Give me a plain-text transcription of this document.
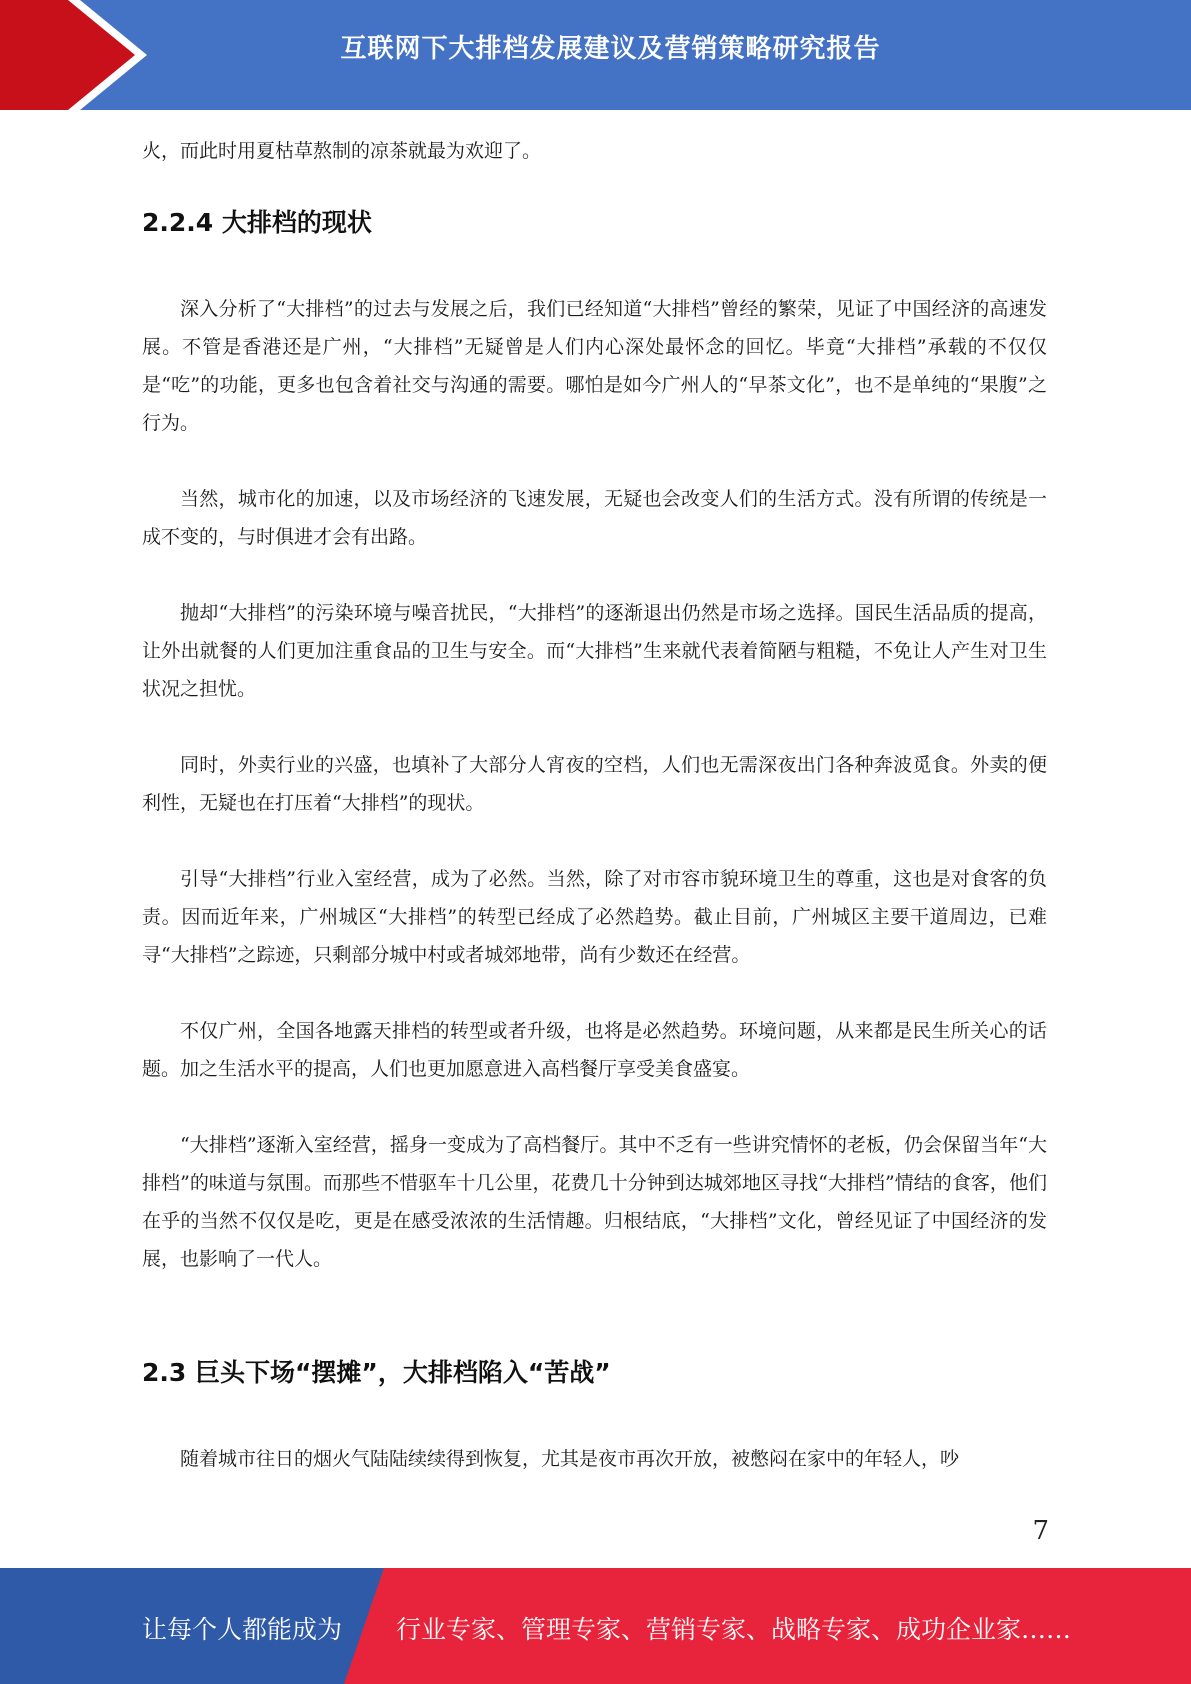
互联网下大排档发展建议及营销策略研究报告

火，而此时用夏枯草熬制的凉茶就最为欢迎了。

2.2.4 大排档的现状

深入分析了“大排档”的过去与发展之后，我们已经知道“大排档”曾经的繁荣，见证了中国经济的高速发展。不管是香港还是广州，“大排档”无疑曾是人们内心深处最怀念的回忆。毕竟“大排档”承载的不仅仅是“吃”的功能，更多也包含着社交与沟通的需要。哪怕是如今广州人的“早茶文化”，也不是单纯的“果腹”之行为。

当然，城市化的加速，以及市场经济的飞速发展，无疑也会改变人们的生活方式。没有所谓的传统是一成不变的，与时俱进才会有出路。

抛却“大排档”的污染环境与噪音扰民，“大排档”的逐渐退出仍然是市场之选择。国民生活品质的提高，让外出就餐的人们更加注重食品的卫生与安全。而“大排档”生来就代表着简陋与粗糙，不免让人产生对卫生状况之担忧。

同时，外卖行业的兴盛，也填补了大部分人宵夜的空档，人们也无需深夜出门各种奔波觅食。外卖的便利性，无疑也在打压着“大排档”的现状。

引导“大排档”行业入室经营，成为了必然。当然，除了对市容市貌环境卫生的尊重，这也是对食客的负责。因而近年来，广州城区“大排档”的转型已经成了必然趋势。截止目前，广州城区主要干道周边，已难寻“大排档”之踪迹，只剩部分城中村或者城郊地带，尚有少数还在经营。

不仅广州，全国各地露天排档的转型或者升级，也将是必然趋势。环境问题，从来都是民生所关心的话题。加之生活水平的提高，人们也更加愿意进入高档餐厅享受美食盛宴。

“大排档”逐渐入室经营，摇身一变成为了高档餐厅。其中不乏有一些讲究情怀的老板，仍会保留当年“大排档”的味道与氛围。而那些不惜驱车十几公里，花费几十分钟到达城郊地区寻找“大排档”情结的食客，他们在乎的当然不仅仅是吃，更是在感受浓浓的生活情趣。归根结底，“大排档”文化，曾经见证了中国经济的发展，也影响了一代人。

2.3 巨头下场“摆摊”，大排档陷入“苦战”

随着城市往日的烟火气陆陆续续得到恢复，尤其是夜市再次开放，被憋闷在家中的年轻人，吵

7
让每个人都能成为 行业专家、管理专家、营销专家、战略专家、成功企业家……
